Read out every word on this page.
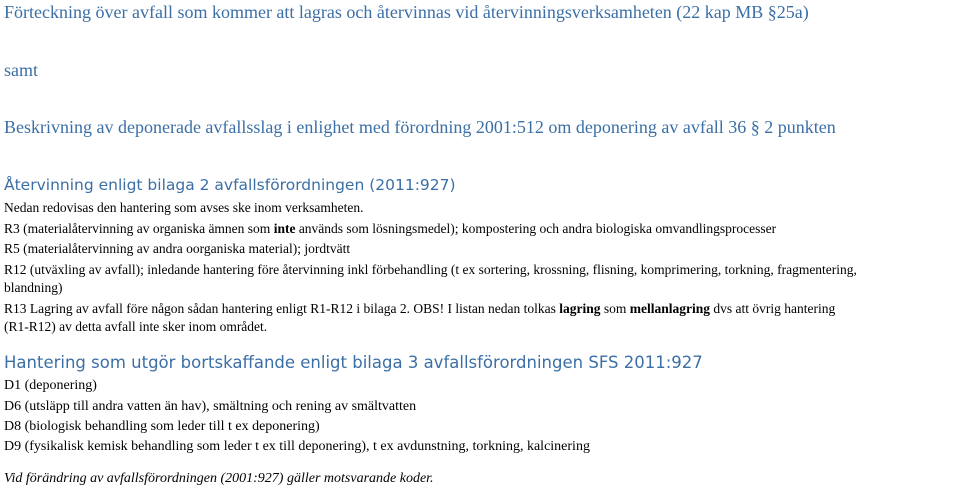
Förteckning över avfall som kommer att lagras och återvinnas vid återvinningsverksamheten (22 kap MB §25a)
samt
Beskrivning av deponerade avfallsslag i enlighet med förordning 2001:512 om deponering av avfall 36 § 2 punkten
Återvinning enligt bilaga 2 avfallsförordningen (2011:927)
Nedan redovisas den hantering som avses ske inom verksamheten.
R3 (materialåtervinning av organiska ämnen som inte används som lösningsmedel); kompostering och andra biologiska omvandlingsprocesser
R5 (materialåtervinning av andra oorganiska material); jordtvätt
R12 (utväxling av avfall); inledande hantering före återvinning inkl förbehandling (t ex sortering, krossning, flisning, komprimering, torkning, fragmentering,
blandning)
R13 Lagring av avfall före någon sådan hantering enligt R1-R12 i bilaga 2. OBS! I listan nedan tolkas lagring som mellanlagring dvs att övrig hantering
(R1-R12) av detta avfall inte sker inom området.
Hantering som utgör bortskaffande enligt bilaga 3 avfallsförordningen SFS 2011:927
D1 (deponering)
D6 (utsläpp till andra vatten än hav), smältning och rening av smältvatten
D8 (biologisk behandling som leder till t ex deponering)
D9 (fysikalisk kemisk behandling som leder t ex till deponering), t ex avdunstning, torkning, kalcinering
Vid förändring av avfallsförordningen (2001:927) gäller motsvarande koder.
